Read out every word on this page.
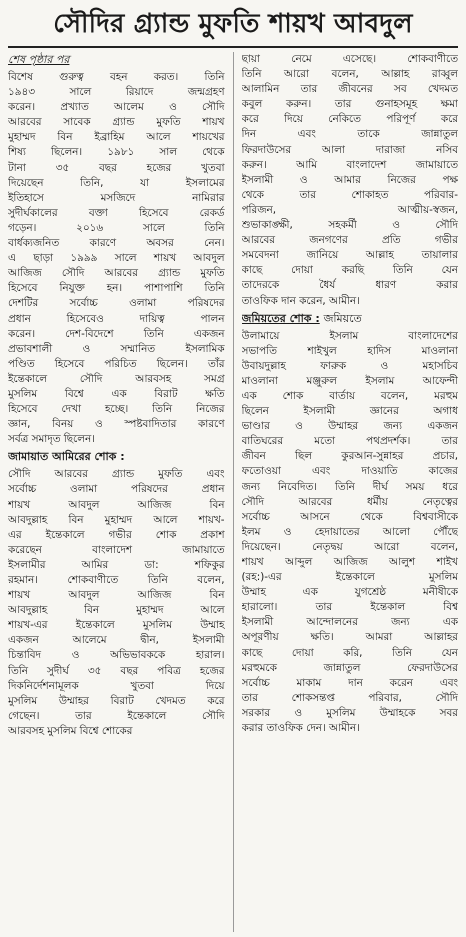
সৌদির গ্র্যান্ড মুফতি শায়খ আবদুল
শেষ পৃষ্ঠার পর

বিশেষ গুরুত্ব বহন করত। তিনি

১৯৪৩ সালে রিয়াদে জন্মগ্রহণ

করেন। প্রখ্যাত আলেম ও সৌদি

আরবের সাবেক গ্র্যান্ড মুফতি শায়খ

মুহাম্মদ বিন ইব্রাহিম আলে শায়খের

শিষ্য ছিলেন। ১৯৮১ সাল থেকে

টানা ৩৫ বছর হজের খুতবা

দিয়েছেন তিনি, যা ইসলামের

ইতিহাসে মসজিদে নামিরার

সুদীর্ঘকালের বক্তা হিসেবে রেকর্ড

গড়েন। ২০১৬ সালে তিনি

বার্ধক্যজনিত কারণে অবসর নেন।

এ ছাড়া ১৯৯৯ সালে শায়খ আবদুল

আজিজ সৌদি আরবের গ্র্যান্ড মুফতি

হিসেবে নিযুক্ত হন। পাশাপাশি তিনি

দেশটির সর্বোচ্চ ওলামা পরিষদের

প্রধান হিসেবেও দায়িত্ব পালন

করেন। দেশ-বিদেশে তিনি একজন

প্রভাবশালী ও সম্মানিত ইসলামিক

পণ্ডিত হিসেবে পরিচিত ছিলেন। তাঁর

ইন্তেকালে সৌদি আরবসহ সমগ্র

মুসলিম বিশ্বে এক বিরাট ক্ষতি

হিসেবে দেখা হচ্ছে। তিনি নিজের

জ্ঞান, বিনয় ও স্পষ্টবাদিতার কারণে

সর্বত্র সমাদৃত ছিলেন।

জামায়াত আমিরের শোক :

সৌদি আরবের গ্র্যান্ড মুফতি এবং

সর্বোচ্চ ওলামা পরিষদের প্রধান

শায়খ আবদুল আজিজ বিন

আবদুল্লাহ বিন মুহাম্মদ আলে শায়খ-

এর ইন্তেকালে গভীর শোক প্রকাশ

করেছেন বাংলাদেশ জামায়াতে

ইসলামীর আমির ডা: শফিকুর

রহমান। শোকবাণীতে তিনি বলেন,

শায়খ আবদুল আজিজ বিন

আবদুল্লাহ বিন মুহাম্মদ আলে

শায়খ-এর ইন্তেকালে মুসলিম উম্মাহ

একজন আলেমে দ্বীন, ইসলামী

চিন্তাবিদ ও অভিভাবককে হারাল।

তিনি সুদীর্ঘ ৩৫ বছর পবিত্র হজের

দিকনির্দেশনামূলক খুতবা দিয়ে

মুসলিম উম্মাহর বিরাট খেদমত করে

গেছেন। তার ইন্তেকালে সৌদি

আরবসহ মুসলিম বিশ্বে শোকের

ছায়া নেমে এসেছে। শোকবাণীতে

তিনি আরো বলেন, আল্লাহ রাব্বুল

আলামিন তার জীবনের সব খেদমত

কবুল করুন। তার গুনাহসমূহ ক্ষমা

করে দিয়ে নেকিতে পরিপূর্ণ করে

দিন এবং তাকে জান্নাতুল

ফিরদাউসের আলা দারাজা নসিব

করুন। আমি বাংলাদেশ জামায়াতে

ইসলামী ও আমার নিজের পক্ষ

থেকে তার শোকাহত পরিবার-

পরিজন, আত্মীয়-স্বজন,

শুভাকাঙ্ক্ষী, সহকর্মী ও সৌদি

আরবের জনগণের প্রতি গভীর

সমবেদনা জানিয়ে আল্লাহ তায়ালার

কাছে দোয়া করছি তিনি যেন

তাদেরকে ধৈর্য ধারণ করার

তাওফিক দান করেন, আমীন।

জমিয়তের শোক : জমিয়তে

উলামায়ে ইসলাম বাংলাদেশের

সভাপতি শাইখুল হাদিস মাওলানা

উবায়দুল্লাহ ফারুক ও মহাসচিব

মাওলানা মঞ্জুরুল ইসলাম আফেন্দী

এক শোক বার্তায় বলেন, মরহুম

ছিলেন ইসলামী জ্ঞানের অগাধ

ভাণ্ডার ও উম্মাহর জন্য একজন

বাতিঘরের মতো পথপ্রদর্শক। তার

জীবন ছিল কুরআন-সুন্নাহর প্রচার,

ফতোওয়া এবং দাওয়াতি কাজের

জন্য নিবেদিত। তিনি দীর্ঘ সময় ধরে

সৌদি আরবের ধর্মীয় নেতৃত্বের

সর্বোচ্চ আসনে থেকে বিশ্ববাসীকে

ইলম ও হেদায়াতের আলো পৌঁছে

দিয়েছেন। নেতৃদ্বয় আরো বলেন,

শায়খ আব্দুল আজিজ আলুশ শাইখ

(রহ:)-এর ইন্তেকালে মুসলিম

উম্মাহ এক যুগশ্রেষ্ঠ মনীষীকে

হারালো। তার ইন্তেকাল বিশ্ব

ইসলামী আন্দোলনের জন্য এক

অপূরণীয় ক্ষতি। আমরা আল্লাহর

কাছে দোয়া করি, তিনি যেন

মরহুমকে জান্নাতুল ফেরদাউসের

সর্বোচ্চ মাকাম দান করেন এবং

তার শোকসন্তপ্ত পরিবার, সৌদি

সরকার ও মুসলিম উম্মাহকে সবর

করার তাওফিক দেন। আমীন।
